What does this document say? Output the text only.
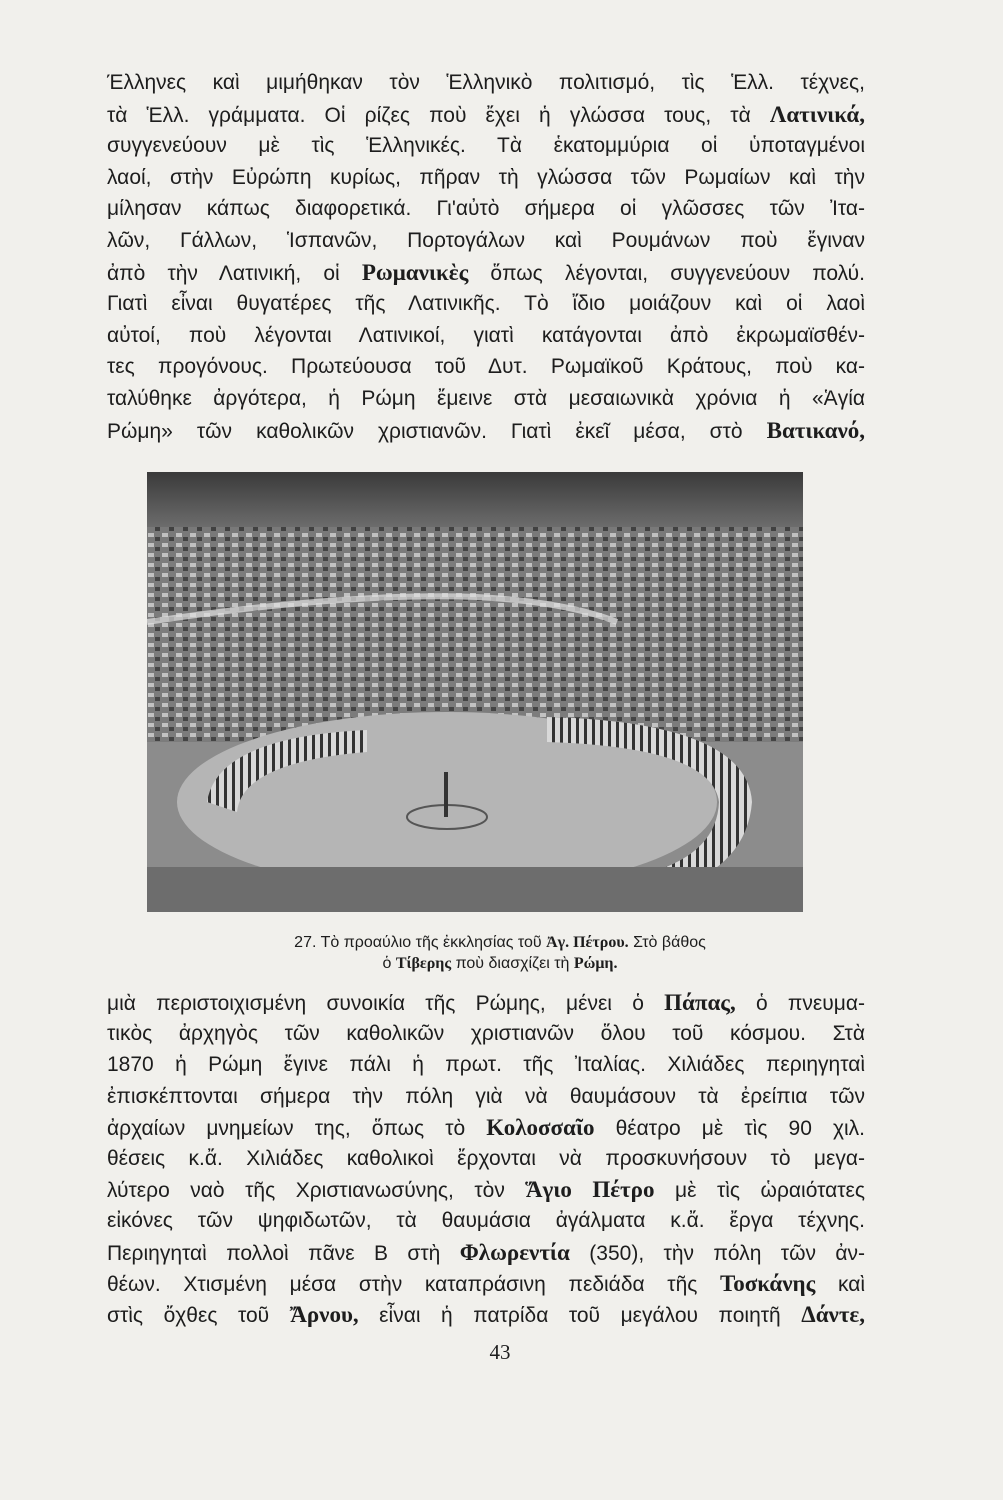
Έλληνες καὶ μιμήθηκαν τὸν Ἑλληνικὸ πολιτισμό, τὶς Ἑλλ. τέχνες,
τὰ Ἑλλ. γράμματα. Οἱ ρίζες ποὺ ἔχει ἡ γλώσσα τους, τὰ Λατινικά,
συγγενεύουν μὲ τὶς Ἑλληνικές. Τὰ ἑκατομμύρια οἱ ὑποταγμένοι
λαοί, στὴν Εὐρώπη κυρίως, πῆραν τὴ γλώσσα τῶν Ρωμαίων καὶ τὴν
μίλησαν κάπως διαφορετικά. Γι'αὐτὸ σήμερα οἱ γλῶσσες τῶν Ἰτα-
λῶν, Γάλλων, Ἱσπανῶν, Πορτογάλων καὶ Ρουμάνων ποὺ ἔγιναν
ἀπὸ τὴν Λατινική, οἱ Ρωμανικὲς ὅπως λέγονται, συγγενεύουν πολύ.
Γιατὶ εἶναι θυγατέρες τῆς Λατινικῆς. Τὸ ἴδιο μοιάζουν καὶ οἱ λαοὶ
αὐτοί, ποὺ λέγονται Λατινικοί, γιατὶ κατάγονται ἀπὸ ἐκρωμαϊσθέν-
τες προγόνους. Πρωτεύουσα τοῦ Δυτ. Ρωμαϊκοῦ Κράτους, ποὺ κα-
ταλύθηκε ἀργότερα, ἡ Ρώμη ἔμεινε στὰ μεσαιωνικὰ χρόνια ἡ «Ἁγία
Ρώμη» τῶν καθολικῶν χριστιανῶν. Γιατὶ ἐκεῖ μέσα, στὸ Βατικανό,
27. Τὸ προαύλιο τῆς ἐκκλησίας τοῦ Ἀγ. Πέτρου. Στὸ βάθος
ὁ Τίβερης ποὺ διασχίζει τὴ Ρώμη.
μιὰ περιστοιχισμένη συνοικία τῆς Ρώμης, μένει ὁ Πάπας, ὁ πνευμα-
τικὸς ἀρχηγὸς τῶν καθολικῶν χριστιανῶν ὅλου τοῦ κόσμου. Στὰ
1870 ἡ Ρώμη ἔγινε πάλι ἡ πρωτ. τῆς Ἰταλίας. Χιλιάδες περιηγηταὶ
ἐπισκέπτονται σήμερα τὴν πόλη γιὰ νὰ θαυμάσουν τὰ ἐρείπια τῶν
ἀρχαίων μνημείων της, ὅπως τὸ Κολοσσαῖο θέατρο μὲ τὶς 90 χιλ.
θέσεις κ.ἄ. Χιλιάδες καθολικοὶ ἔρχονται νὰ προσκυνήσουν τὸ μεγα-
λύτερο ναὸ τῆς Χριστιανωσύνης, τὸν Ἅγιο Πέτρο μὲ τὶς ὡραιότατες
εἰκόνες τῶν ψηφιδωτῶν, τὰ θαυμάσια ἀγάλματα κ.ἄ. ἔργα τέχνης.
Περιηγηταὶ πολλοὶ πᾶνε Β στὴ Φλωρεντία (350), τὴν πόλη τῶν ἀν-
θέων. Χτισμένη μέσα στὴν καταπράσινη πεδιάδα τῆς Τοσκάνης καὶ
στὶς ὄχθες τοῦ Ἄρνου, εἶναι ἡ πατρίδα τοῦ μεγάλου ποιητῆ Δάντε,
43
